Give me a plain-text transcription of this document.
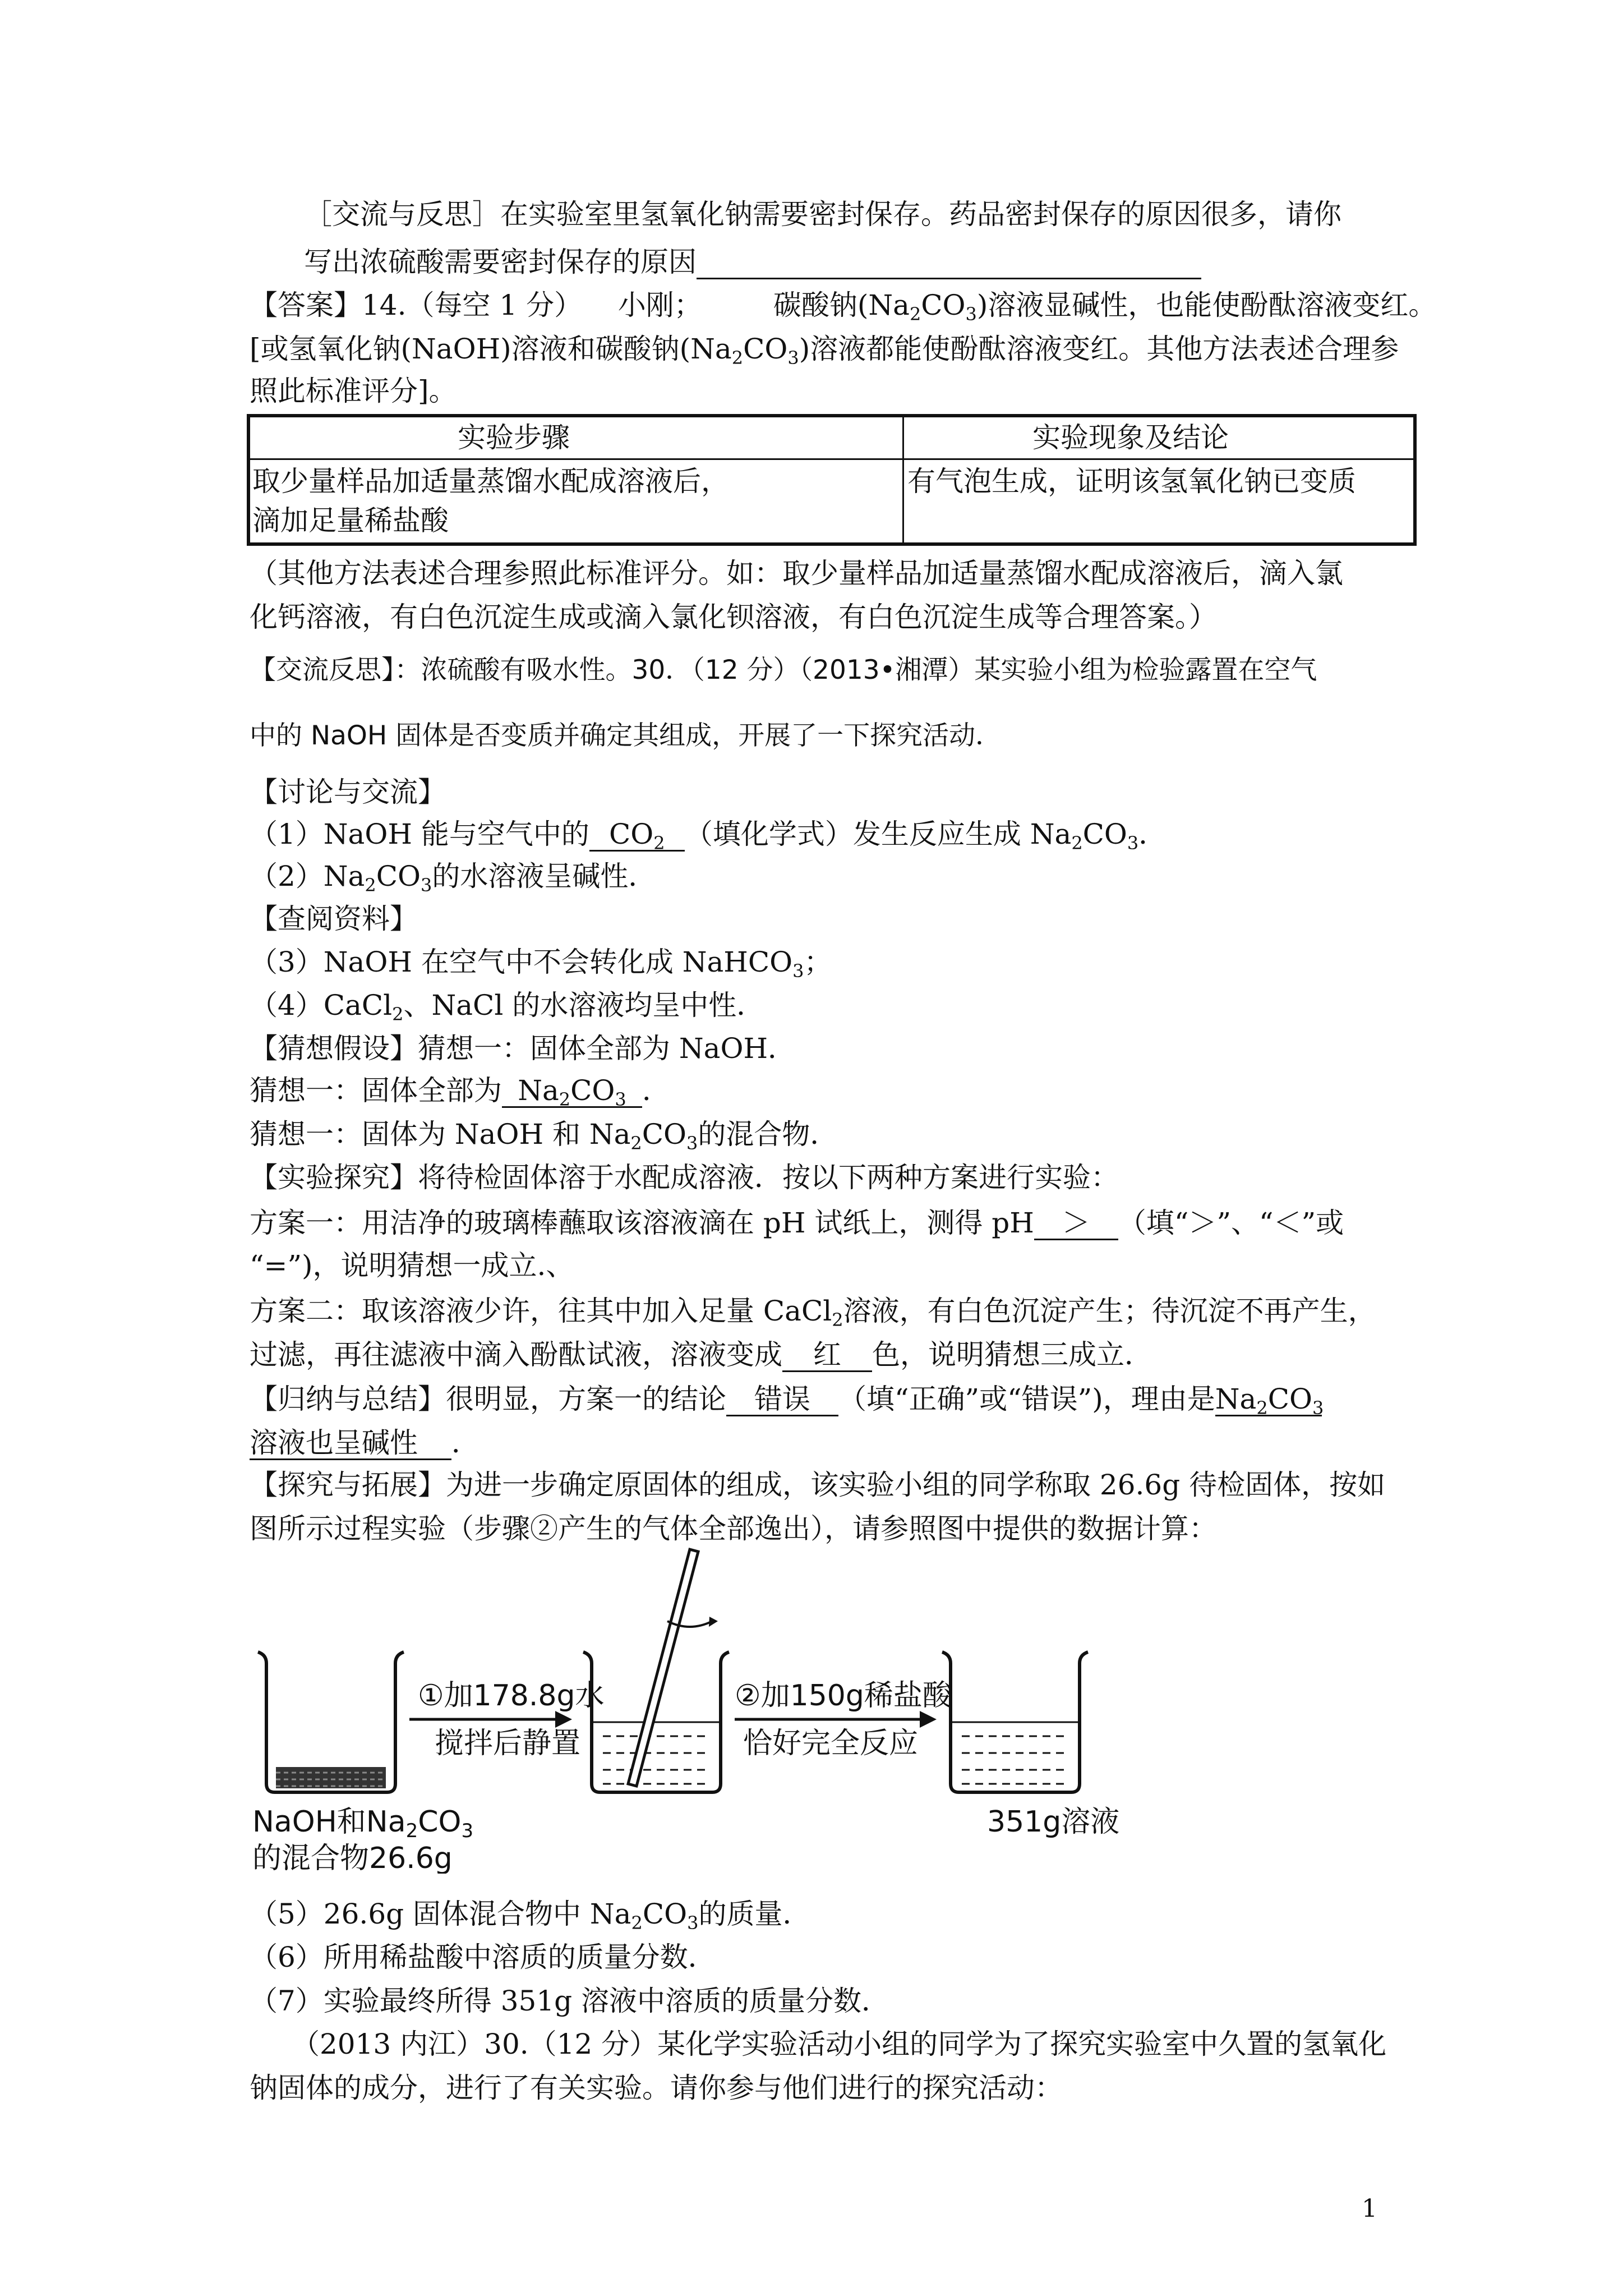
［交流与反思］在实验室里氢氧化钠需要密封保存。药品密封保存的原因很多，请你
写出浓硫酸需要密封保存的原因
【答案】14.（每空 1 分） 小刚；	碳酸钠$(Na_2CO_3)$溶液显碱性，也能使酚酞溶液变红。
[或氢氧化钠(NaOH)溶液和碳酸钠$(Na_2CO_3)$溶液都能使酚酞溶液变红。其他方法表述合理参
照此标准评分]。
实验步骤	实验现象及结论
取少量样品加适量蒸馏水配成溶液后，
滴加足量稀盐酸
有气泡生成，证明该氢氧化钠已变质
（其他方法表述合理参照此标准评分。如：取少量样品加适量蒸馏水配成溶液后，滴入氯
化钙溶液，有白色沉淀生成或滴入氯化钡溶液，有白色沉淀生成等合理答案。）
【交流反思】：浓硫酸有吸水性。30．（12 分）（2013•湘潭）某实验小组为检验露置在空气
中的 NaOH 固体是否变质并确定其组成，开展了一下探究活动．
【讨论与交流】
（1）NaOH 能与空气中的 $CO_2$ （填化学式）发生反应生成 $Na_2CO_3$．
$(2)Na_2CO_3$的水溶液呈碱性．
【查阅资料】
（3）NaOH 在空气中不会转化成 NaHCO$_3$；
（4）CaCl$_2$、NaCl 的水溶液均呈中性．
【猜想假设】猜想一：固体全部为 NaOH．
猜想一：固体全部为 $Na_2CO_3$ ．
猜想一：固体为 NaOH 和 $Na_2CO_3$的混合物．
【实验探究】将待检固体溶于水配成溶液．按以下两种方案进行实验：
方案一：用洁净的玻璃棒蘸取该溶液滴在 pH 试纸上，测得 pH ＞ （填“＞”、“＜”或
“=”)，说明猜想一成立.、
方案二：取该溶液少许，往其中加入足量 CaCl$_2$溶液，有白色沉淀产生；待沉淀不再产生，
过滤，再往滤液中滴入酚酞试液，溶液变成 红 色，说明猜想三成立．
【归纳与总结】很明显，方案一的结论 错误 （填“正确”或“错误”)，理由是$Na_2CO_3$
溶液也呈碱性 ．
【探究与拓展】为进一步确定原固体的组成，该实验小组的同学称取 26.6g 待检固体，按如
图所示过程实验（步骤②产生的气体全部逸出），请参照图中提供的数据计算：
①加178.8g水
搅拌后静置
②加150g稀盐酸
恰好完全反应
NaOH和Na2CO3
的混合物26.6g
351g溶液
（5）26.6g 固体混合物中 $Na_2CO_3$的质量．
（6）所用稀盐酸中溶质的质量分数．
（7）实验最终所得 351g 溶液中溶质的质量分数．
（2013 内江）30.（12 分）某化学实验活动小组的同学为了探究实验室中久置的氢氧化
钠固体的成分，进行了有关实验。请你参与他们进行的探究活动：
1
